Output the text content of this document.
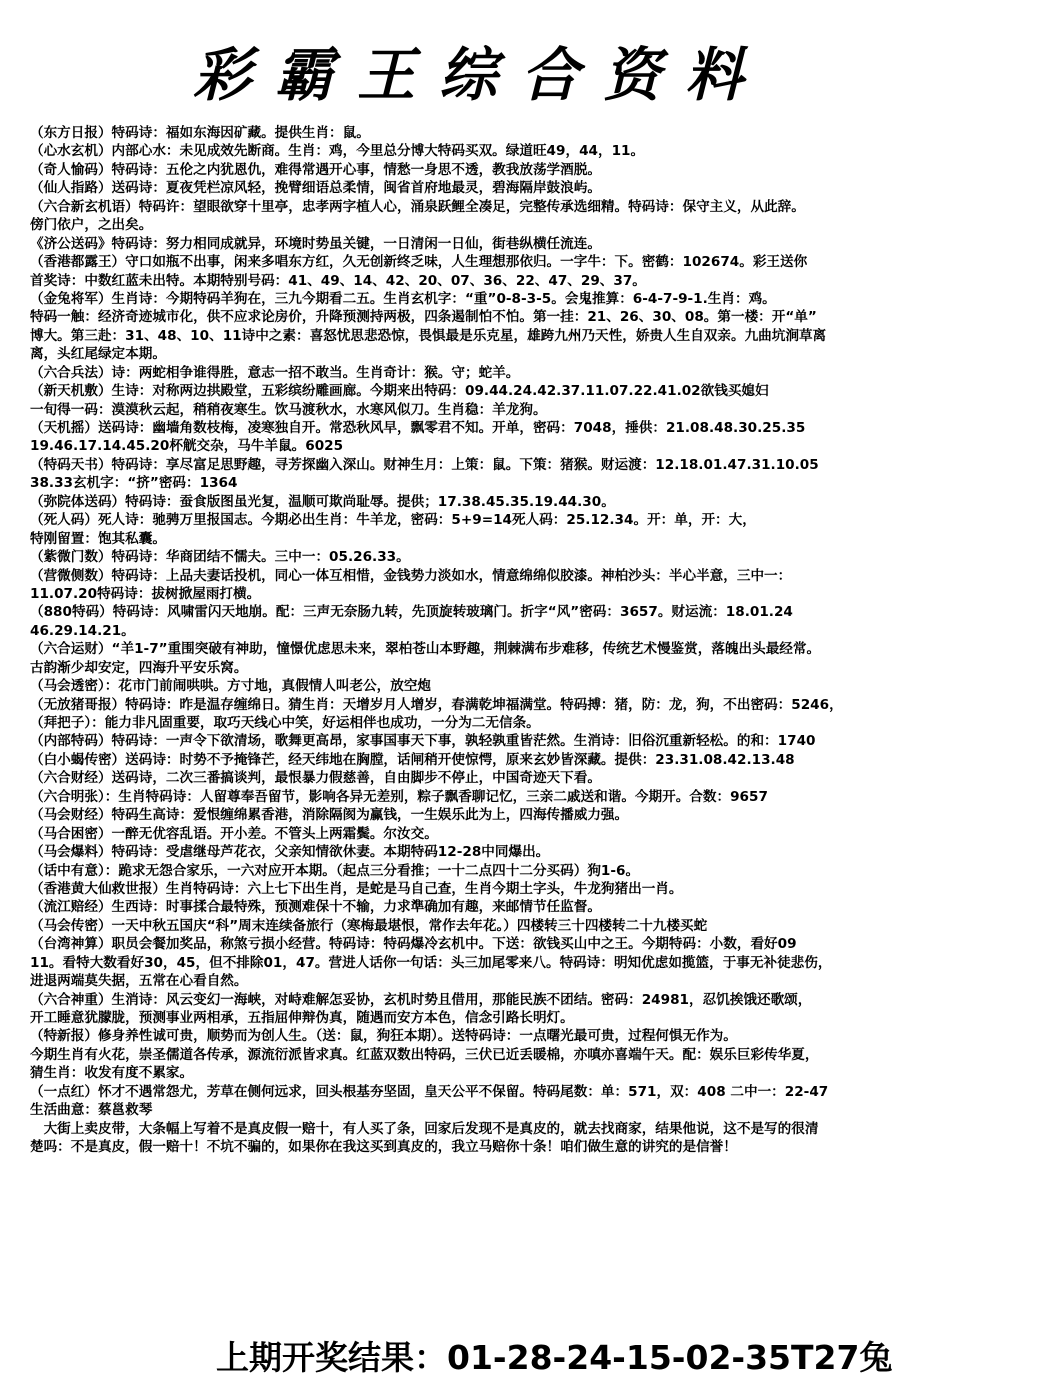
彩霸王综合资料
（东方日报）特码诗：福如东海因矿藏。提供生肖：鼠。
（心水玄机）内部心水：未见成效先断商。生肖：鸡，今里总分博大特码买双。绿道旺49，44，11。
（奇人愉码）特码诗：五伦之内犹恩仇，难得常遇开心事，情愁一身思不透，教我放荡学酒脱。
（仙人指路）送码诗：夏夜凭栏凉风轻，挽臂细语总柔情，闽省首府地最灵，碧海隔岸鼓浪屿。
（六合新玄机语）特码许：望眼欲穿十里亭，忠孝两字植人心，涌泉跃鲤全凑足，完整传承选细精。特码诗：保守主义，从此辞。
傍门依户，之出矣。
《济公送码》特码诗：努力相同成就异，环境时势虽关键，一日清闲一日仙，街巷纵横任流连。
（香港都露王）守口如瓶不出事，闲来多唱东方红，久无创新终乏味，人生理想那依归。一字牛：下。密鹤：102674。彩王送你
首奖诗：中数红蓝未出特。本期特别号码：41、49、14、42、20、07、36、22、47、29、37。
（金兔将军）生肖诗：今期特码羊狗在，三九今期看二五。生肖玄机字：“重”0-8-3-5。会鬼推算：6-4-7-9-1.生肖：鸡。
特码一触：经济奇迹城市化，供不应求论房价，升降预测持两极，四条遏制怕不怕。第一挂：21、26、30、08。第一楼：开“单”
博大。第三赴：31、48、10、11诗中之素：喜怒忧思悲恐惊，畏惧最是乐克星，雄跨九州乃天性，娇贵人生自双亲。九曲坑涧草离
离，头红尾绿定本期。
（六合兵法）诗：两蛇相争谁得胜，意志一招不敢当。生肖奇计：猴。守；蛇羊。
（新天机敷）生诗：对称两边拱殿堂，五彩缤纷雕画廊。今期来出特码：09.44.24.42.37.11.07.22.41.02欲钱买媳妇
一旬得一码：漠漠秋云起，稍稍夜寒生。饮马渡秋水，水寒风似刀。生肖稳：羊龙狗。
（天机摇）送码诗：幽墙角数枝梅，凌寒独自开。常恐秋风早，飘零君不知。开单，密码：7048，捶供：21.08.48.30.25.35
19.46.17.14.45.20杯觥交杂，马牛羊鼠。6025
（特码天书）特码诗：享尽富足思野趣，寻芳探幽入深山。财神生月：上策：鼠。下策：猪猴。财运渡：12.18.01.47.31.10.05
38.33玄机字：“挤”密码：1364
（弥院体送码）特码诗：蚕食版图虽光复，温顺可欺尚耻辱。提供；17.38.45.35.19.44.30。
（死人码）死人诗：驰骋万里报国志。今期必出生肖：牛羊龙，密码：5+9=14死人码：25.12.34。开：单，开：大，
特刚留置：饱其私囊。
（紫微门数）特码诗：华商团结不懦夫。三中一：05.26.33。
（营微侧数）特码诗：上品夫妻话投机，同心一体互相惜，金钱势力淡如水，情意绵绵似胶漆。神柏沙头：半心半意，三中一：
11.07.20特码诗：拔树掀屋雨打横。
（880特码）特码诗：风啸雷闪天地崩。配：三声无奈肠九转，先顶旋转玻璃门。折字“风”密码：3657。财运流：18.01.24
46.29.14.21。
（六合运财）“羊1-7”重围突破有神助，憧憬优虑思未来，翠柏苍山本野趣，荆棘满布步难移，传统艺术慢鉴赏，落魄出头最经常。
古韵渐少却安定，四海升平安乐窝。
（马会透密）：花市门前闹哄哄。方寸地，真假情人叫老公，放空炮
（无放猪哥报）特码诗：昨是温存缠绵日。猜生肖：天增岁月人增岁，春满乾坤福满堂。特码搏：猪，防：龙，狗，不出密码：5246，
（拜把子）：能力非凡固重要，取巧天线心中笑，好运相伴也成功，一分为二无信条。
（内部特码）特码诗：一声令下欲清场，歌舞更高昂，家事国事天下事，孰轻孰重皆茫然。生消诗：旧俗沉重新轻松。的和：1740
（白小蝎传密）送码诗：时势不予掩锋芒，经天纬地在胸膛，话闸稍开使惊愕，原来玄妙皆深藏。提供：23.31.08.42.13.48
（六合财经）送码诗，二次三番搞谈判，最恨暴力假慈善，自由脚步不停止，中国奇迹天下看。
（六合明张）：生肖特码诗：人留尊奉吾留节，影响各异无差别，粽子飘香聊记忆，三亲二戚送和谐。今期开。合数：9657
（马会财经）特码生高诗：爱恨缠绵累香港，消除隔阂为赢钱，一生娱乐此为上，四海传播威力强。
（马合困密）一醉无优容乱语。开小差。不管头上两霜鬓。尔汝交。
（马会爆料）特码诗：受虐继母芦花衣，父亲知情欲休妻。本期特码12-28中同爆出。
（话中有意）：跪求无怨合家乐，一六对应开本期。（起点三分看推；一十二点四十二分买码）狗1-6。
（香港黄大仙救世报）生肖特码诗：六上七下出生肖，是蛇是马自己查，生肖今期土字头，牛龙狗猪出一肖。
（流江赔经）生西诗：时事揉合最特殊，预测难保十不输，力求準确加有趣，来邮情节任监督。
（马会传密）一天中秋五国庆“科”周末连续备旅行（寒梅最堪恨，常作去年花。）四楼转三十四楼转二十九楼买蛇
（台湾神算）职员会餐加奖品，称煞亏损小经营。特码诗：特码爆冷玄机中。下送：欲钱买山中之王。今期特码：小数，看好09
11。看特大数看好30，45，但不排除01，47。营进人话你一句话：头三加尾零来八。特码诗：明知优虑如揽篮，于事无补徒悲伤，
进退两端莫失据，五常在心看自然。
（六合神重）生消诗：风云变幻一海峡，对峙难解怎妥协，玄机时势且借用，那能民族不团结。密码：24981，忍饥挨饿还歌颂，
开工睡意犹朦胧，预测事业两相承，五指屈伸辩伪真，随遇而安方本色，信念引路长明灯。
（特新报）修身养性诚可贵，顺势而为创人生。（送：鼠，狗狂本期）。送特码诗：一点曙光最可贵，过程何惧无作为。
今期生肖有火花，崇圣儒道各传承，源流衍派皆求真。红蓝双数出特码，三伏已近丢暖棉，亦嗔亦喜端午天。配：娱乐巨彩传华夏，
猜生肖：收发有度不累家。
（一点红）怀才不遇常怨尤，芳草在侧何远求，回头根基夯坚固，皇天公平不保留。特码尾数：单：571，双：408 二中一：22-47
生活曲意：蔡邕救琴
　大街上卖皮带，大条幅上写着不是真皮假一赔十，有人买了条，回家后发现不是真皮的，就去找商家，结果他说，这不是写的很清
楚吗：不是真皮，假一赔十！不坑不骗的，如果你在我这买到真皮的，我立马赔你十条！咱们做生意的讲究的是信誉！
上期开奖结果：01-28-24-15-02-35T27兔
